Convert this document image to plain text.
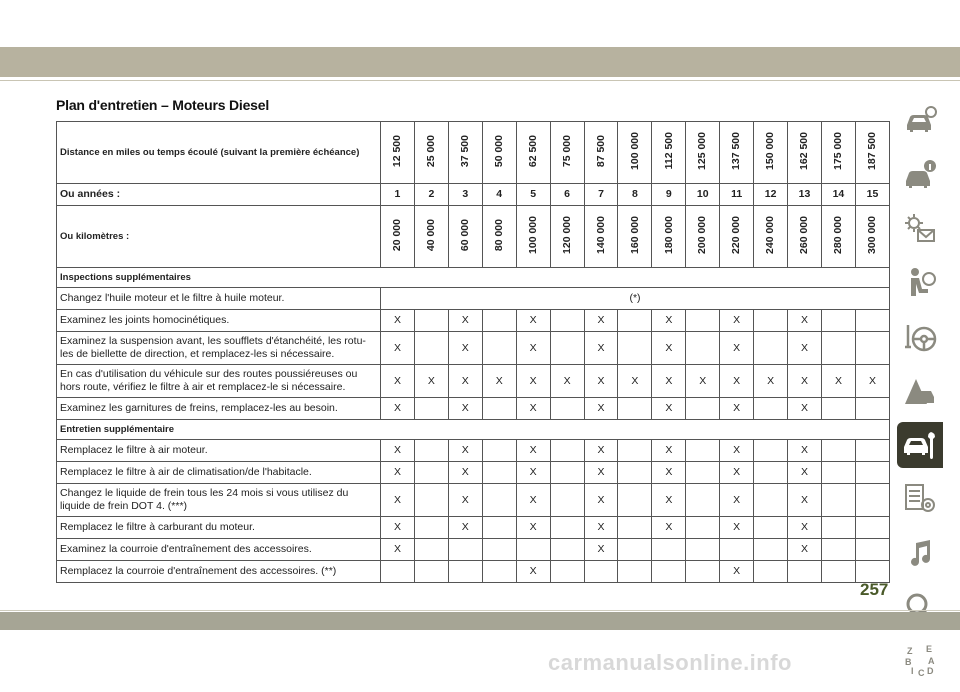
Plan d'entretien – Moteurs Diesel
Distance en miles ou temps écoulé (suivant la première échéance)	12 500	25 000	37 500	50 000	62 500	75 000	87 500	100 000	112 500	125 000	137 500	150 000	162 500	175 000	187 500
Ou années :	1	2	3	4	5	6	7	8	9	10	11	12	13	14	15
Ou kilomètres :	20 000	40 000	60 000	80 000	100 000	120 000	140 000	160 000	180 000	200 000	220 000	240 000	260 000	280 000	300 000
Inspections supplémentaires															
Changez l'huile moteur et le filtre à huile moteur.	(*)														
Examinez les joints homocinétiques.	X		X		X		X		X		X		X		
Examinez la suspension avant, les soufflets d'étanchéité, les rotu-les de biellette de direction, et remplacez-les si nécessaire.	X		X		X		X		X		X		X		
En cas d'utilisation du véhicule sur des routes poussiéreuses ou hors route, vérifiez le filtre à air et remplacez-le si nécessaire.	X	X	X	X	X	X	X	X	X	X	X	X	X	X	X
Examinez les garnitures de freins, remplacez-les au besoin.	X		X		X		X		X		X		X		
Entretien supplémentaire															
Remplacez le filtre à air moteur.	X		X		X		X		X		X		X		
Remplacez le filtre à air de climatisation/de l'habitacle.	X		X		X		X		X		X		X		
Changez le liquide de frein tous les 24 mois si vous utilisez du liquide de frein DOT 4. (***)	X		X		X		X		X		X		X		
Remplacez le filtre à carburant du moteur.	X		X		X		X		X		X		X		
Examinez la courroie d'entraînement des accessoires.	X						X						X		
Remplacez la courroie d'entraînement des accessoires. (**)					X						X				
Z E
B A
I C D
257
carmanualsonline.info
